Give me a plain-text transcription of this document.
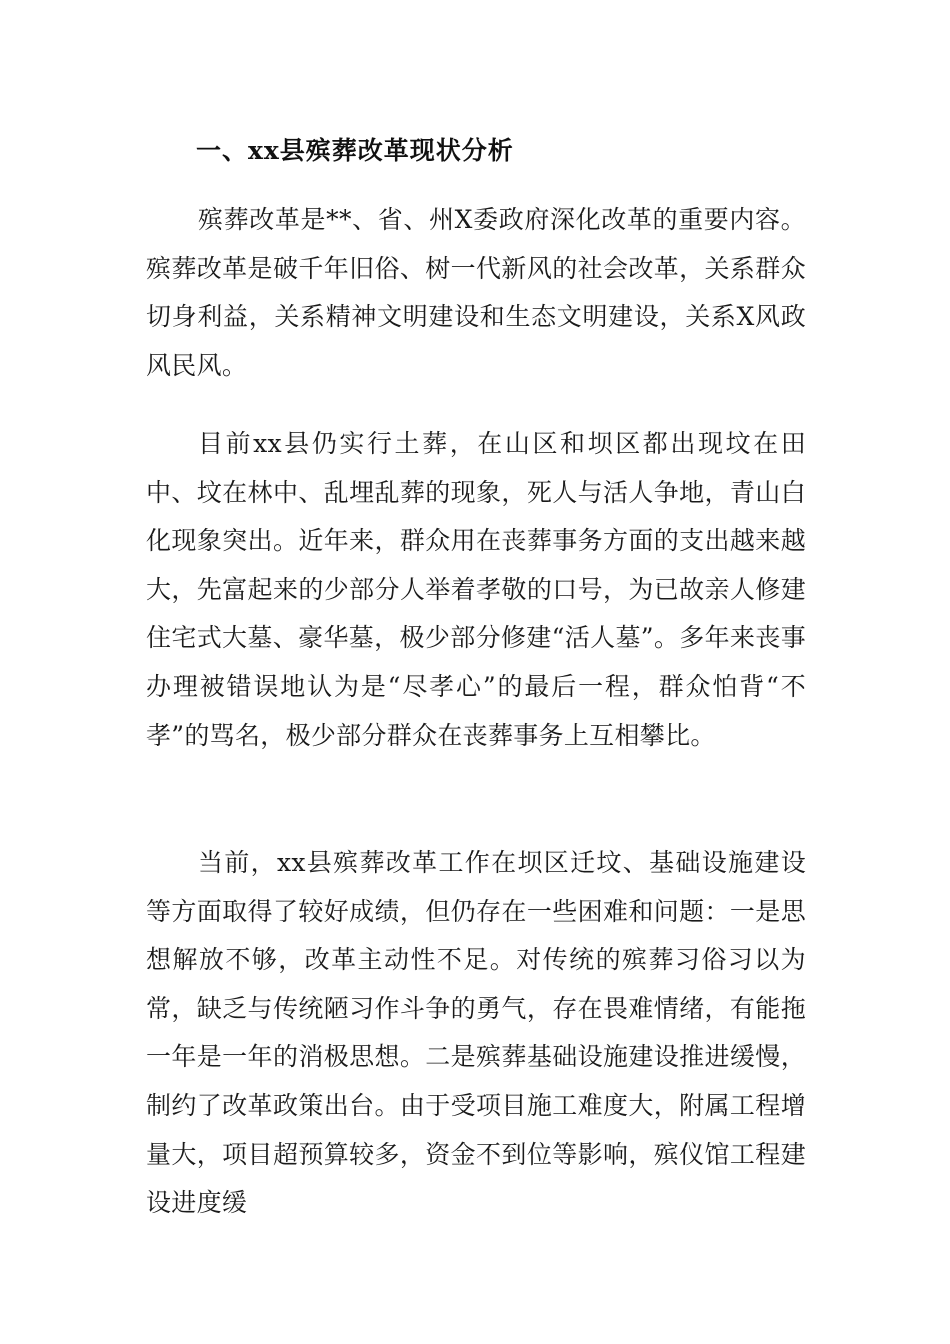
一、xx县殡葬改革现状分析

殡葬改革是**、省、州X委政府深化改革的重要内容。殡葬改革是破千年旧俗、树一代新风的社会改革，关系群众切身利益，关系精神文明建设和生态文明建设，关系X风政风民风。

目前xx县仍实行土葬，在山区和坝区都出现坟在田中、坟在林中、乱埋乱葬的现象，死人与活人争地，青山白化现象突出。近年来，群众用在丧葬事务方面的支出越来越大，先富起来的少部分人举着孝敬的口号，为已故亲人修建住宅式大墓、豪华墓，极少部分修建“活人墓”。多年来丧事办理被错误地认为是“尽孝心”的最后一程，群众怕背“不孝”的骂名，极少部分群众在丧葬事务上互相攀比。

当前，xx县殡葬改革工作在坝区迁坟、基础设施建设等方面取得了较好成绩，但仍存在一些困难和问题：一是思想解放不够，改革主动性不足。对传统的殡葬习俗习以为常，缺乏与传统陋习作斗争的勇气，存在畏难情绪，有能拖一年是一年的消极思想。二是殡葬基础设施建设推进缓慢，制约了改革政策出台。由于受项目施工难度大，附属工程增量大，项目超预算较多，资金不到位等影响，殡仪馆工程建设进度缓
